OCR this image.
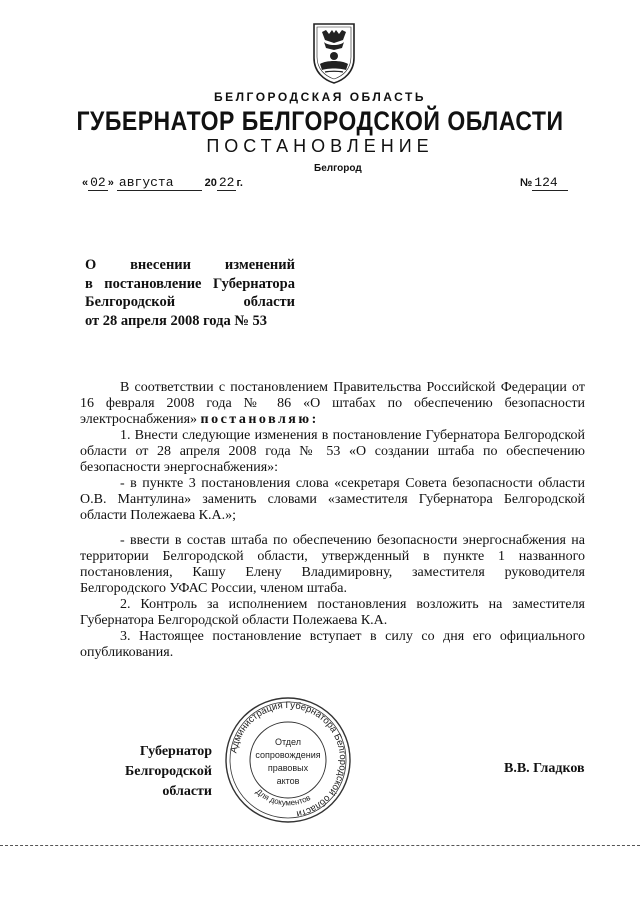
БЕЛГОРОДСКАЯ ОБЛАСТЬ
ГУБЕРНАТОР БЕЛГОРОДСКОЙ ОБЛАСТИ
ПОСТАНОВЛЕНИЕ
Белгород
« 02 » августа	20 22 г.	№ 124
О внесении изменений
в постановление Губернатора
Белгородской области
от 28 апреля 2008 года № 53

В соответствии с постановлением Правительства Российской Федерации от 16 февраля 2008 года № 86 «О штабах по обеспечению безопасности электроснабжения» постановляю:

1. Внести следующие изменения в постановление Губернатора Белгородской области от 28 апреля 2008 года № 53 «О создании штаба по обеспечению безопасности энергоснабжения»:

- в пункте 3 постановления слова «секретаря Совета безопасности области О.В. Мантулина» заменить словами «заместителя Губернатора Белгородской области Полежаева К.А.»;

- ввести в состав штаба по обеспечению безопасности энергоснабжения на территории Белгородской области, утвержденный в пункте 1 названного постановления, Кашу Елену Владимировну, заместителя руководителя Белгородского УФАС России, членом штаба.

2. Контроль за исполнением постановления возложить на заместителя Губернатора Белгородской области Полежаева К.А.

3. Настоящее постановление вступает в силу со дня его официального опубликования.

Губернатор
Белгородской области
В.В. Гладков
Администрация Губернатора Белгородской области
Для документов
Отдел
сопровождения
правовых
актов
